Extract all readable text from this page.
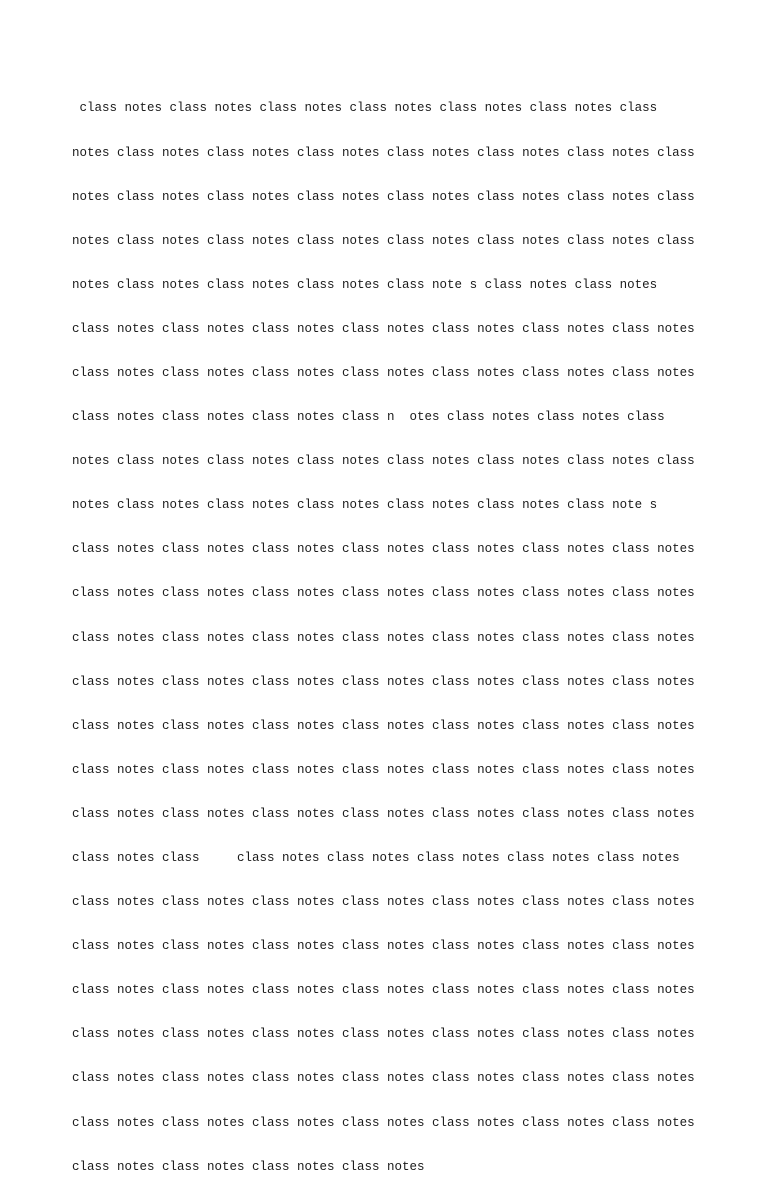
class notes class notes class notes class notes class notes class notes class

notes class notes class notes class notes class notes class notes class notes class

notes class notes class notes class notes class notes class notes class notes class

notes class notes class notes class notes class notes class notes class notes class

notes class notes class notes class notes class note s class notes class notes

class notes class notes class notes class notes class notes class notes class notes

class notes class notes class notes class notes class notes class notes class notes

class notes class notes class notes class n  otes class notes class notes class

notes class notes class notes class notes class notes class notes class notes class

notes class notes class notes class notes class notes class notes class note s

class notes class notes class notes class notes class notes class notes class notes

class notes class notes class notes class notes class notes class notes class notes

class notes class notes class notes class notes class notes class notes class notes

class notes class notes class notes class notes class notes class notes class notes

class notes class notes class notes class notes class notes class notes class notes

class notes class notes class notes class notes class notes class notes class notes

class notes class notes class notes class notes class notes class notes class notes

class notes class     class notes class notes class notes class notes class notes

class notes class notes class notes class notes class notes class notes class notes

class notes class notes class notes class notes class notes class notes class notes

class notes class notes class notes class notes class notes class notes class notes

class notes class notes class notes class notes class notes class notes class notes

class notes class notes class notes class notes class notes class notes class notes

class notes class notes class notes class notes class notes class notes class notes

class notes class notes class notes class notes
